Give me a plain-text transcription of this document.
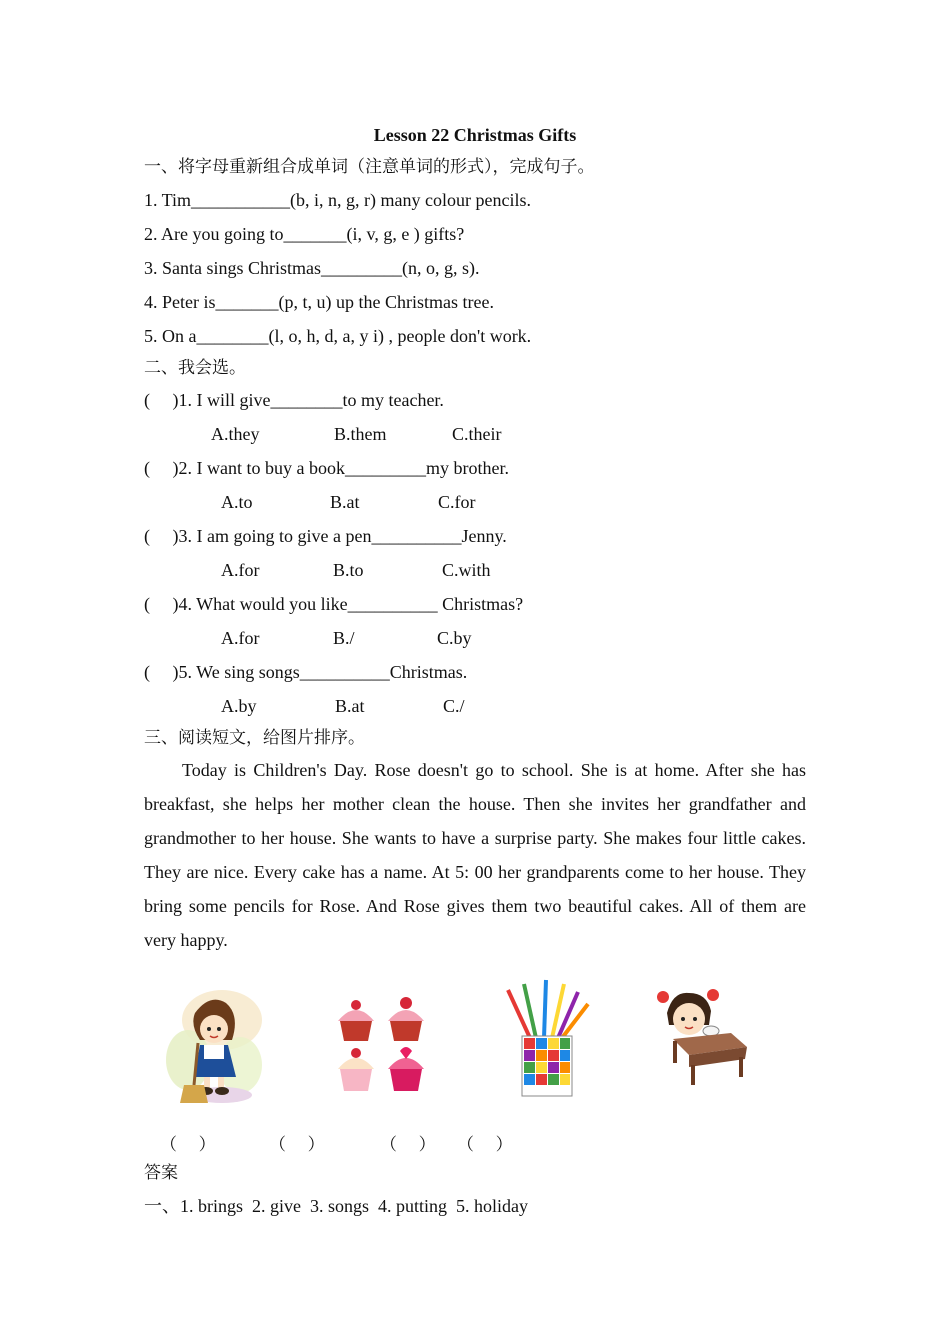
Lesson 22 Christmas Gifts
一、将字母重新组合成单词（注意单词的形式），完成句子。
1. Tim___________(b, i, n, g, r) many colour pencils.
2. Are you going to_______(i, v, g, e ) gifts?
3. Santa sings Christmas_________(n, o, g, s).
4. Peter is_______(p, t, u) up the Christmas tree.
5. On a________(l, o, h, d, a, y i) , people don't work.
二、我会选。
(     )1. I will give________to my teacher.
A.they	B.them	C.their
(     )2. I want to buy a book_________my brother.
A.to	B.at	C.for
(     )3. I am going to give a pen__________Jenny.
A.for	B.to	C.with
(     )4. What would you like__________ Christmas?
A.for	B./	C.by
(     )5. We sing songs__________Christmas.
A.by	B.at	C./
三、阅读短文，给图片排序。
Today is Children's Day. Rose doesn't go to school. She is at home. After she has breakfast, she helps her mother clean the house. Then she invites her grandfather and grandmother to her house. She wants to have a surprise party. She makes four little cakes. They are nice. Every cake has a name. At 5: 00 her grandparents come to her house. They bring some pencils for Rose. And Rose gives them two beautiful cakes. All of them are very happy.
（    ）	（    ）	（    ） （    ）
答案
一、1. brings  2. give  3. songs  4. putting  5. holiday
